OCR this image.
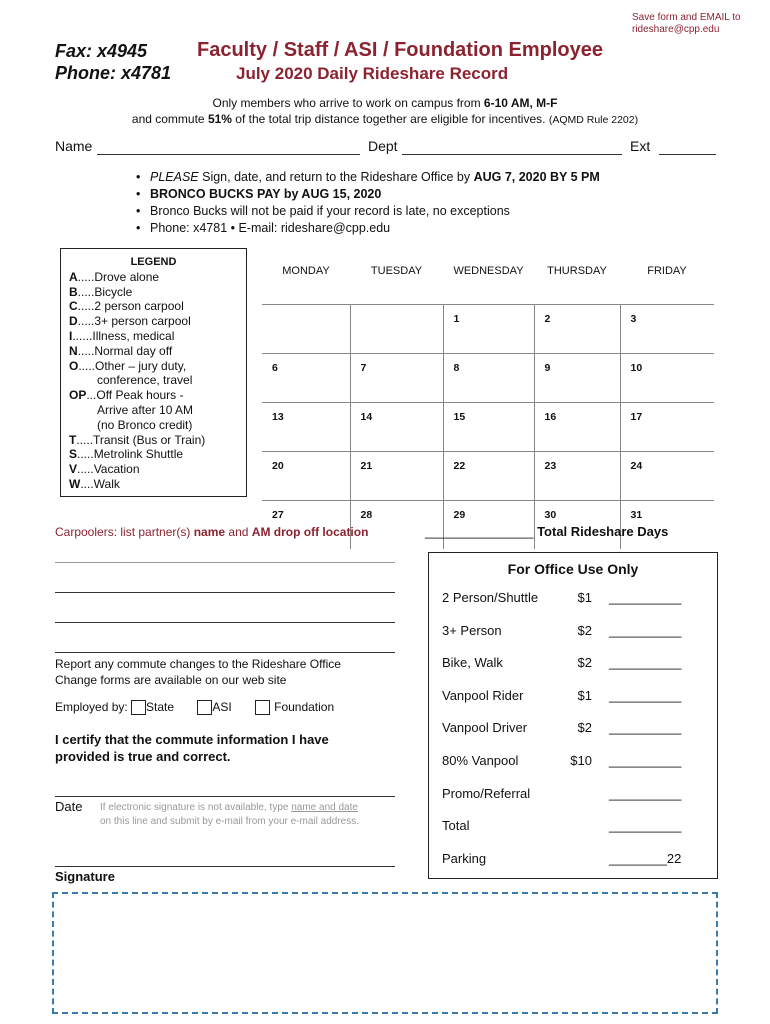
Save form and EMAIL to rideshare@cpp.edu
Fax: x4945
Phone: x4781
Faculty / Staff / ASI / Foundation Employee
July 2020 Daily Rideshare Record
Only members who arrive to work on campus from 6-10 AM, M-F
and commute 51% of the total trip distance together are eligible for incentives. (AQMD Rule 2202)
Name	Dept	Ext
• PLEASE Sign, date, and return to the Rideshare Office by AUG 7, 2020 BY 5 PM
• BRONCO BUCKS PAY by AUG 15, 2020
• Bronco Bucks will not be paid if your record is late, no exceptions
• Phone: x4781 • E-mail: rideshare@cpp.edu
LEGEND
A.....Drove alone
B.....Bicycle
C.....2 person carpool
D.....3+ person carpool
I......Illness, medical
N.....Normal day off
O.....Other – jury duty,
conference, travel
OP...Off Peak hours -
Arrive after 10 AM
(no Bronco credit)
T.....Transit (Bus or Train)
S.....Metrolink Shuttle
V.....Vacation
W....Walk
MONDAY	TUESDAY	WEDNESDAY	THURSDAY	FRIDAY
		1	2	3
6	7	8	9	10
13	14	15	16	17
20	21	22	23	24
27	28	29	30	31
Carpoolers: list partner(s) name and AM drop off location	_______________ Total Rideshare Days
For Office Use Only
2 Person/Shuttle	$1 __________
3+ Person	$2 __________
Bike, Walk	$2 __________
Vanpool Rider	$1 __________
Vanpool Driver	$2 __________
80% Vanpool	$10 __________
Promo/Referral	__________
Total	__________
Parking	________22
Report any commute changes to the Rideshare Office
Change forms are available on our web site
Employed by: State	ASI	Foundation
I certify that the commute information I have
provided is true and correct.
Date If electronic signature is not available, type name and date
on this line and submit by e-mail from your e-mail address.
Signature
